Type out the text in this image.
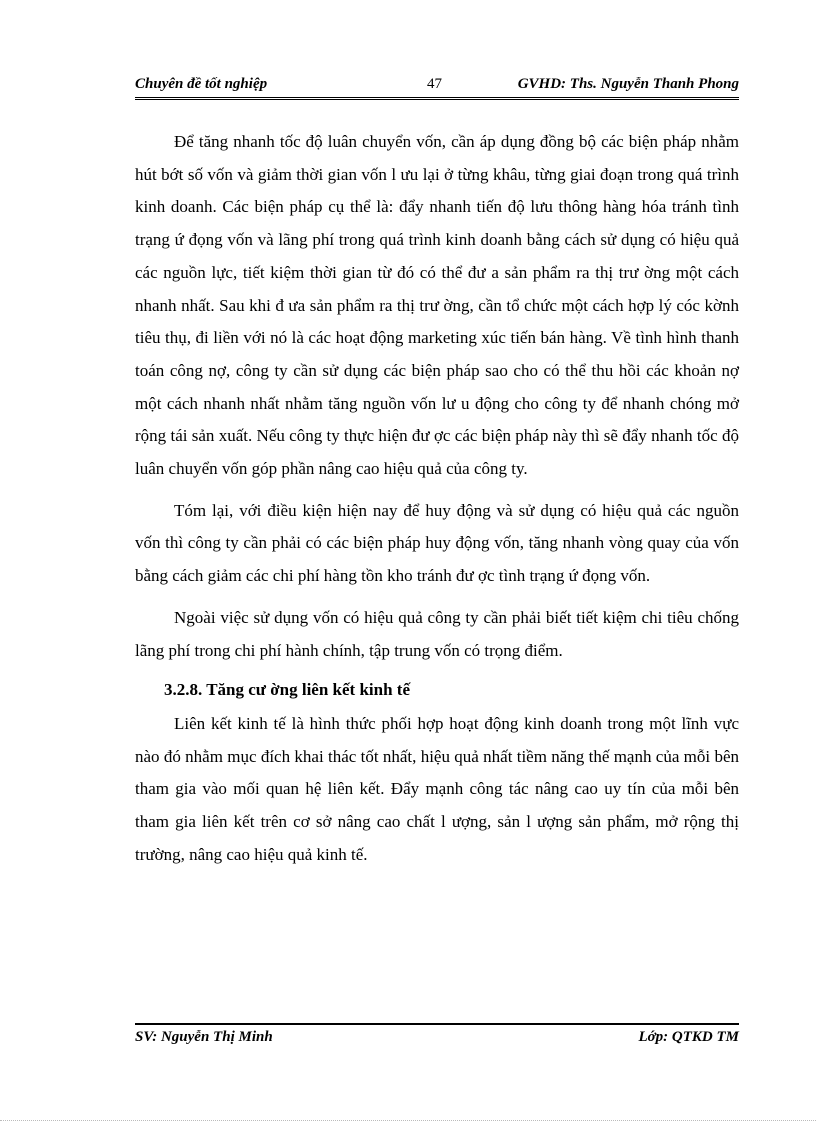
Chuyên đề tốt nghiệp	47	GVHD: Ths. Nguyễn Thanh Phong

Để tăng nhanh tốc độ luân chuyển vốn, cần áp dụng đồng bộ các biện pháp nhằm hút bớt số vốn và giảm thời gian vốn l ưu lại ở từng khâu, từng giai đoạn trong quá trình kinh doanh. Các biện pháp cụ thể là: đẩy nhanh tiến độ lưu thông hàng hóa tránh tình trạng ứ đọng vốn và lãng phí trong quá trình kinh doanh bằng cách sử dụng có hiệu quả các nguồn lực, tiết kiệm thời gian từ đó có thể đư a sản phẩm ra thị trư ờng một cách nhanh nhất. Sau khi đ ưa sản phẩm ra thị trư ờng, cần tổ chức một cách hợp lý cóc kờnh tiêu thụ, đi liền với nó là các hoạt động marketing xúc tiến bán hàng. Về tình hình thanh toán công nợ, công ty cần sử dụng các biện pháp sao cho có thể thu hồi các khoản nợ một cách nhanh nhất nhằm tăng nguồn vốn lư u động cho công ty để nhanh chóng mở rộng tái sản xuất. Nếu công ty thực hiện đư ợc các biện pháp này thì sẽ đẩy nhanh tốc độ luân chuyển vốn góp phần nâng cao hiệu quả của công ty.

Tóm lại, với điều kiện hiện nay để huy động và sử dụng có hiệu quả các nguồn vốn thì công ty cần phải có các biện pháp huy động vốn, tăng nhanh vòng quay của vốn bằng cách giảm các chi phí hàng tồn kho tránh đư ợc tình trạng ứ đọng vốn.

Ngoài việc sử dụng vốn có hiệu quả công ty cần phải biết tiết kiệm chi tiêu chống lãng phí trong chi phí hành chính, tập trung vốn có trọng điểm.

3.2.8. Tăng cư ờng liên kết kinh tế

Liên kết kinh tế là hình thức phối hợp hoạt động kinh doanh trong một lĩnh vực nào đó nhằm mục đích khai thác tốt nhất, hiệu quả nhất tiềm năng thế mạnh của mỗi bên tham gia vào mối quan hệ liên kết. Đẩy mạnh công tác nâng cao uy tín của mỗi bên tham gia liên kết trên cơ sở nâng cao chất l ượng, sản l ượng sản phẩm, mở rộng thị trường, nâng cao hiệu quả kinh tế.

SV: Nguyễn Thị Minh	Lớp: QTKD TM
